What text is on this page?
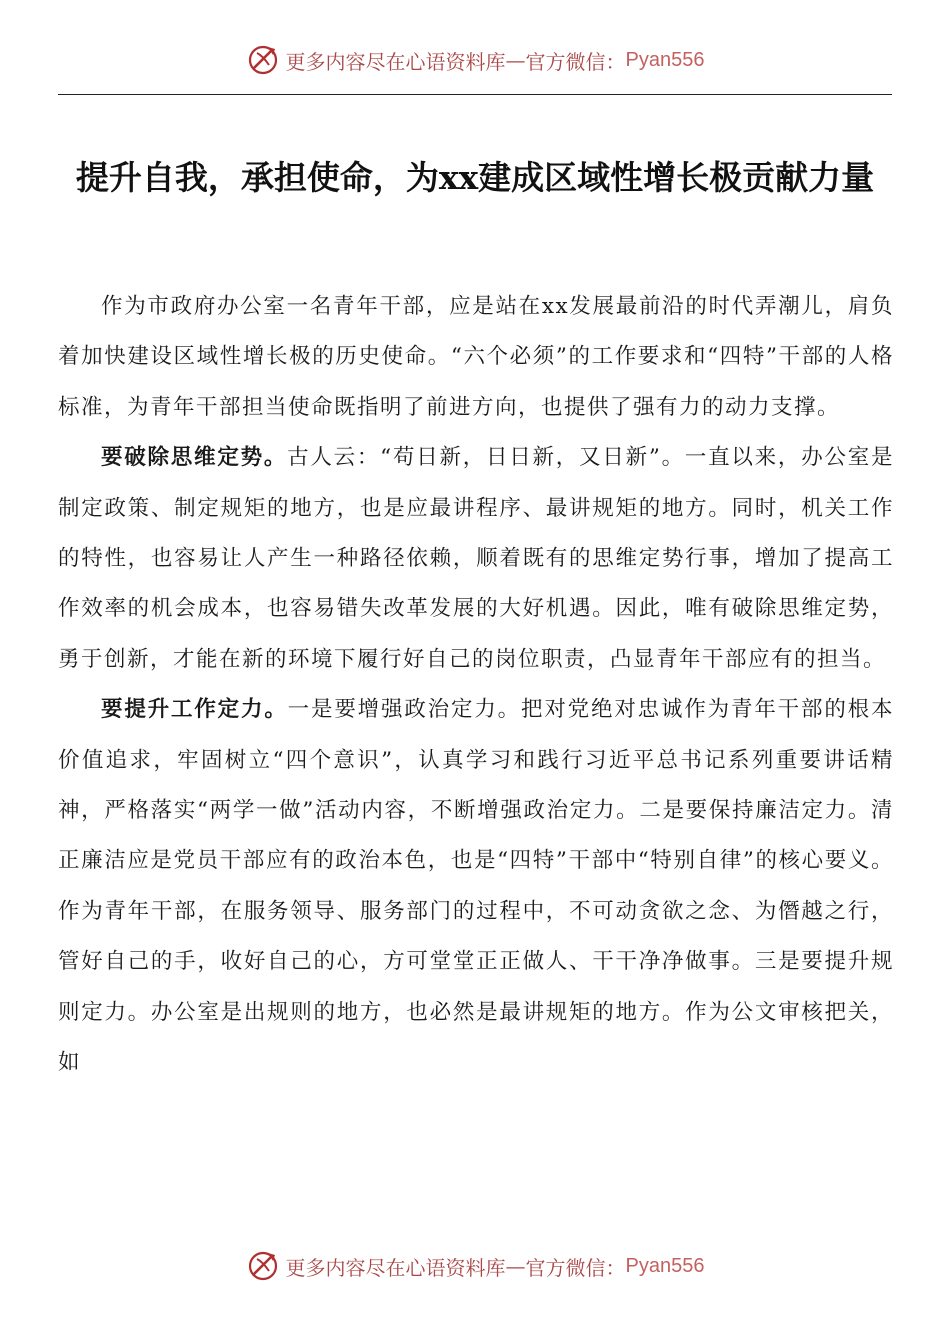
更多内容尽在心语资料库 — 官方微信： Pyan556
提升自我，承担使命，为xx建成区域性增长极贡献力量

作为市政府办公室一名青年干部，应是站在xx发展最前沿的时代弄潮儿，肩负着加快建设区域性增长极的历史使命。“六个必须”的工作要求和“四特”干部的人格标准，为青年干部担当使命既指明了前进方向，也提供了强有力的动力支撑。

要破除思维定势。古人云：“苟日新，日日新，又日新”。一直以来，办公室是制定政策、制定规矩的地方，也是应最讲程序、最讲规矩的地方。同时，机关工作的特性，也容易让人产生一种路径依赖，顺着既有的思维定势行事，增加了提高工作效率的机会成本，也容易错失改革发展的大好机遇。因此，唯有破除思维定势，勇于创新，才能在新的环境下履行好自己的岗位职责，凸显青年干部应有的担当。

要提升工作定力。一是要增强政治定力。把对党绝对忠诚作为青年干部的根本价值追求，牢固树立“四个意识”，认真学习和践行习近平总书记系列重要讲话精神，严格落实“两学一做”活动内容，不断增强政治定力。二是要保持廉洁定力。清正廉洁应是党员干部应有的政治本色，也是“四特”干部中“特别自律”的核心要义。作为青年干部，在服务领导、服务部门的过程中，不可动贪欲之念、为僭越之行，管好自己的手，收好自己的心，方可堂堂正正做人、干干净净做事。三是要提升规则定力。办公室是出规则的地方，也必然是最讲规矩的地方。作为公文审核把关，如

更多内容尽在心语资料库 — 官方微信： Pyan556
